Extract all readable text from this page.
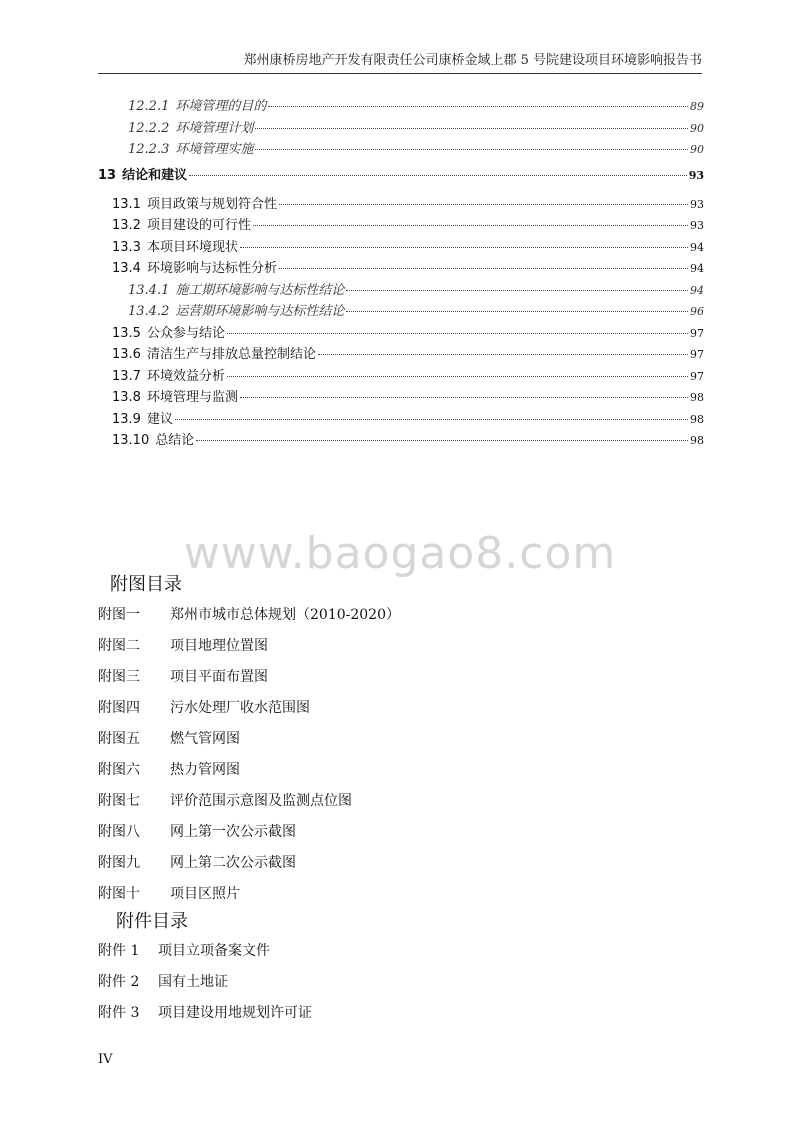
郑州康桥房地产开发有限责任公司康桥金域上郡 5 号院建设项目环境影响报告书
12.2.1 环境管理的目的	89
12.2.2 环境管理计划	90
12.2.3 环境管理实施	90
13 结论和建议	93
13.1 项目政策与规划符合性	93
13.2 项目建设的可行性	93
13.3 本项目环境现状	94
13.4 环境影响与达标性分析	94
13.4.1 施工期环境影响与达标性结论	94
13.4.2 运营期环境影响与达标性结论	96
13.5 公众参与结论	97
13.6 清洁生产与排放总量控制结论	97
13.7 环境效益分析	97
13.8 环境管理与监测	98
13.9 建议	98
13.10 总结论	98
www.baogao8.com
附图目录
附图一	郑州市城市总体规划（2010-2020）
附图二	项目地理位置图
附图三	项目平面布置图
附图四	污水处理厂收水范围图
附图五	燃气管网图
附图六	热力管网图
附图七	评价范围示意图及监测点位图
附图八	网上第一次公示截图
附图九	网上第二次公示截图
附图十	项目区照片
附件目录
附件 1	项目立项备案文件
附件 2	国有土地证
附件 3	项目建设用地规划许可证
IV
